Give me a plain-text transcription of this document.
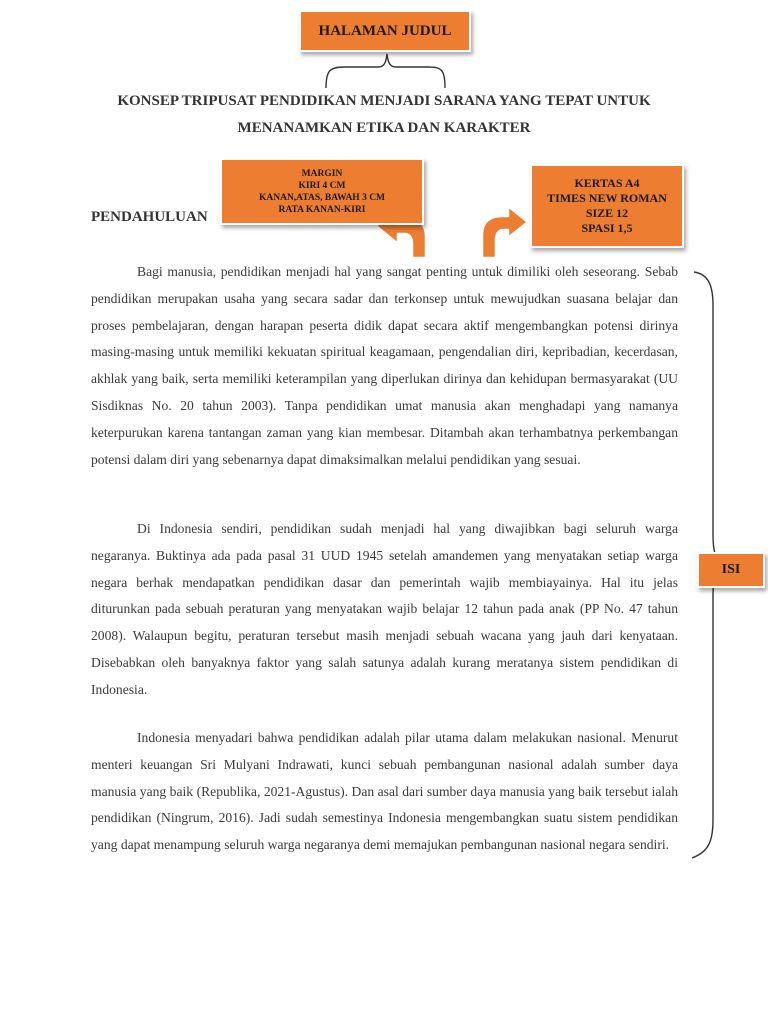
HALAMAN JUDUL
MARGIN
KIRI 4 CM
KANAN,ATAS, BAWAH 3 CM
RATA KANAN-KIRI
KERTAS A4
TIMES NEW ROMAN
SIZE 12
SPASI 1,5
ISI
KONSEP TRIPUSAT PENDIDIKAN MENJADI SARANA YANG TEPAT UNTUK
MENANAMKAN ETIKA DAN KARAKTER
PENDAHULUAN

Bagi manusia, pendidikan menjadi hal yang sangat penting untuk dimiliki oleh seseorang. Sebab pendidikan merupakan usaha yang secara sadar dan terkonsep untuk mewujudkan suasana belajar dan proses pembelajaran, dengan harapan peserta didik dapat secara aktif mengembangkan potensi dirinya masing-masing untuk memiliki kekuatan spiritual keagamaan, pengendalian diri, kepribadian, kecerdasan, akhlak yang baik, serta memiliki keterampilan yang diperlukan dirinya dan kehidupan bermasyarakat (UU Sisdiknas No. 20 tahun 2003). Tanpa pendidikan umat manusia akan menghadapi yang namanya keterpurukan karena tantangan zaman yang kian membesar. Ditambah akan terhambatnya perkembangan potensi dalam diri yang sebenarnya dapat dimaksimalkan melalui pendidikan yang sesuai.

Di Indonesia sendiri, pendidikan sudah menjadi hal yang diwajibkan bagi seluruh warga negaranya. Buktinya ada pada pasal 31 UUD 1945 setelah amandemen yang menyatakan setiap warga negara berhak mendapatkan pendidikan dasar dan pemerintah wajib membiayainya. Hal itu jelas diturunkan pada sebuah peraturan yang menyatakan wajib belajar 12 tahun pada anak (PP No. 47 tahun 2008). Walaupun begitu, peraturan tersebut masih menjadi sebuah wacana yang jauh dari kenyataan. Disebabkan oleh banyaknya faktor yang salah satunya adalah kurang meratanya sistem pendidikan di Indonesia.

Indonesia menyadari bahwa pendidikan adalah pilar utama dalam melakukan nasional. Menurut menteri keuangan Sri Mulyani Indrawati, kunci sebuah pembangunan nasional adalah sumber daya manusia yang baik (Republika, 2021-Agustus). Dan asal dari sumber daya manusia yang baik tersebut ialah pendidikan (Ningrum, 2016). Jadi sudah semestinya Indonesia mengembangkan suatu sistem pendidikan yang dapat menampung seluruh warga negaranya demi memajukan pembangunan nasional negara sendiri.
